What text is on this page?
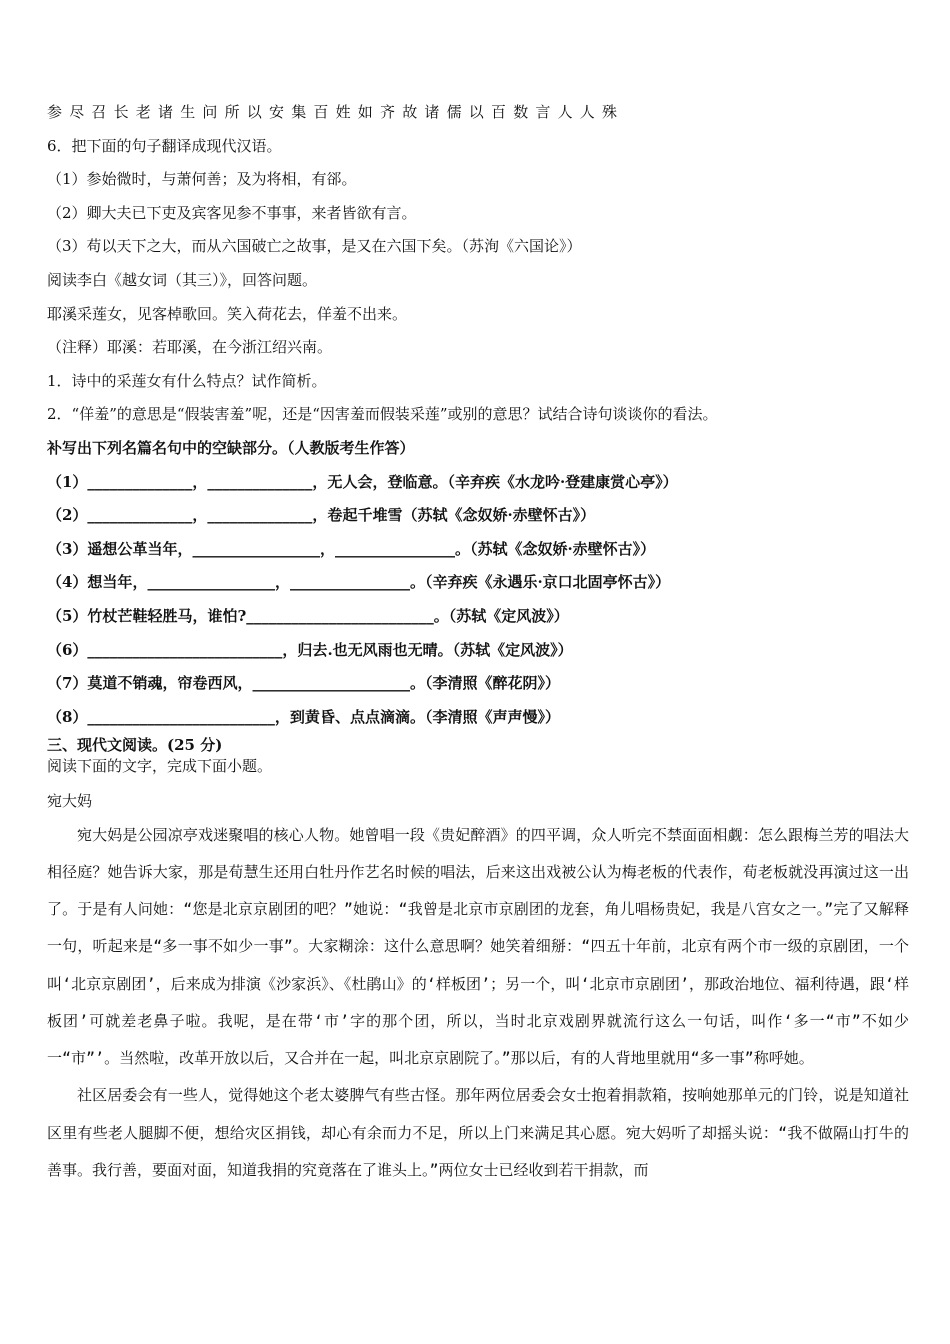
参尽召长老诸生问所以安集百姓如齐故诸儒以百数言人人殊
6．把下面的句子翻译成现代汉语。
（1）参始微时，与萧何善；及为将相，有郤。
（2）卿大夫已下吏及宾客见参不事事，来者皆欲有言。
（3）苟以天下之大，而从六国破亡之故事，是又在六国下矣。（苏洵《六国论》）
阅读李白《越女词（其三）》，回答问题。
耶溪采莲女，见客棹歌回。笑入荷花去，佯羞不出来。
（注释）耶溪：若耶溪，在今浙江绍兴南。
1．诗中的采莲女有什么特点？试作简析。
2．“佯羞”的意思是“假装害羞”呢，还是“因害羞而假装采莲”或别的意思？试结合诗句谈谈你的看法。
补写出下列名篇名句中的空缺部分。（人教版考生作答）
（1）______________，______________，无人会，登临意。（辛弃疾《水龙吟·登建康赏心亭》）
（2）______________，______________，卷起千堆雪（苏轼《念奴娇·赤壁怀古》）
（3）遥想公革当年，_________________，________________。（苏轼《念奴娇·赤壁怀古》）
（4）想当年，_________________，________________。（辛弃疾《永遇乐·京口北固亭怀古》）
（5）竹杖芒鞋轻胜马，谁怕?_________________________。（苏轼《定风波》）
（6）__________________________，归去.也无风雨也无晴。（苏轼《定风波》）
（7）莫道不销魂，帘卷西风，_____________________。（李清照《醉花阴》）
（8）_________________________，到黄昏、点点滴滴。（李清照《声声慢》）
三、现代文阅读。(25 分)
阅读下面的文字，完成下面小题。
宛大妈

宛大妈是公园凉亭戏迷聚唱的核心人物。她曾唱一段《贵妃醉酒》的四平调，众人听完不禁面面相觑：怎么跟梅兰芳的唱法大相径庭？她告诉大家，那是荀慧生还用白牡丹作艺名时候的唱法，后来这出戏被公认为梅老板的代表作，荀老板就没再演过这一出了。于是有人问她：“您是北京京剧团的吧？”她说：“我曾是北京市京剧团的龙套，角儿唱杨贵妃，我是八宫女之一。”完了又解释一句，听起来是“多一事不如少一事”。大家糊涂：这什么意思啊？她笑着细掰：“四五十年前，北京有两个市一级的京剧团，一个叫‘北京京剧团’，后来成为排演《沙家浜》、《杜鹃山》的‘样板团’；另一个，叫‘北京市京剧团’，那政治地位、福利待遇，跟‘样板团’可就差老鼻子啦。我呢，是在带‘市’字的那个团，所以，当时北京戏剧界就流行这么一句话，叫作‘多一“市”不如少一“市”’。当然啦，改革开放以后，又合并在一起，叫北京京剧院了。”那以后，有的人背地里就用“多一事”称呼她。

社区居委会有一些人，觉得她这个老太婆脾气有些古怪。那年两位居委会女士抱着捐款箱，按响她那单元的门铃，说是知道社区里有些老人腿脚不便，想给灾区捐钱，却心有余而力不足，所以上门来满足其心愿。宛大妈听了却摇头说：“我不做隔山打牛的善事。我行善，要面对面，知道我捐的究竟落在了谁头上。”两位女士已经收到若干捐款，而
